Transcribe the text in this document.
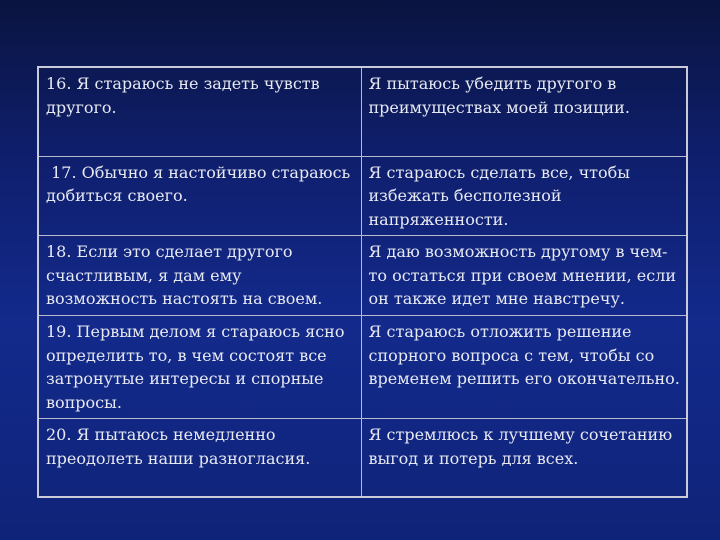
16. Я стараюсь не задеть чувств другого.	Я пытаюсь убедить другого в преимуществах моей позиции.

17. Обычно я настойчиво стараюсь добиться своего.	Я стараюсь сделать все, чтобы избежать бесполезной напряженности.

18. Если это сделает другого счастливым, я дам ему возможность настоять на своем.	Я даю возможность другому в чем-то остаться при своем мнении, если он также идет мне навстречу.

19. Первым делом я стараюсь ясно определить то, в чем состоят все затронутые интересы и спорные вопросы.	Я стараюсь отложить решение спорного вопроса с тем, чтобы со временем решить его окончательно.

20. Я пытаюсь немедленно преодолеть наши разногласия.	Я стремлюсь к лучшему сочетанию выгод и потерь для всех.
